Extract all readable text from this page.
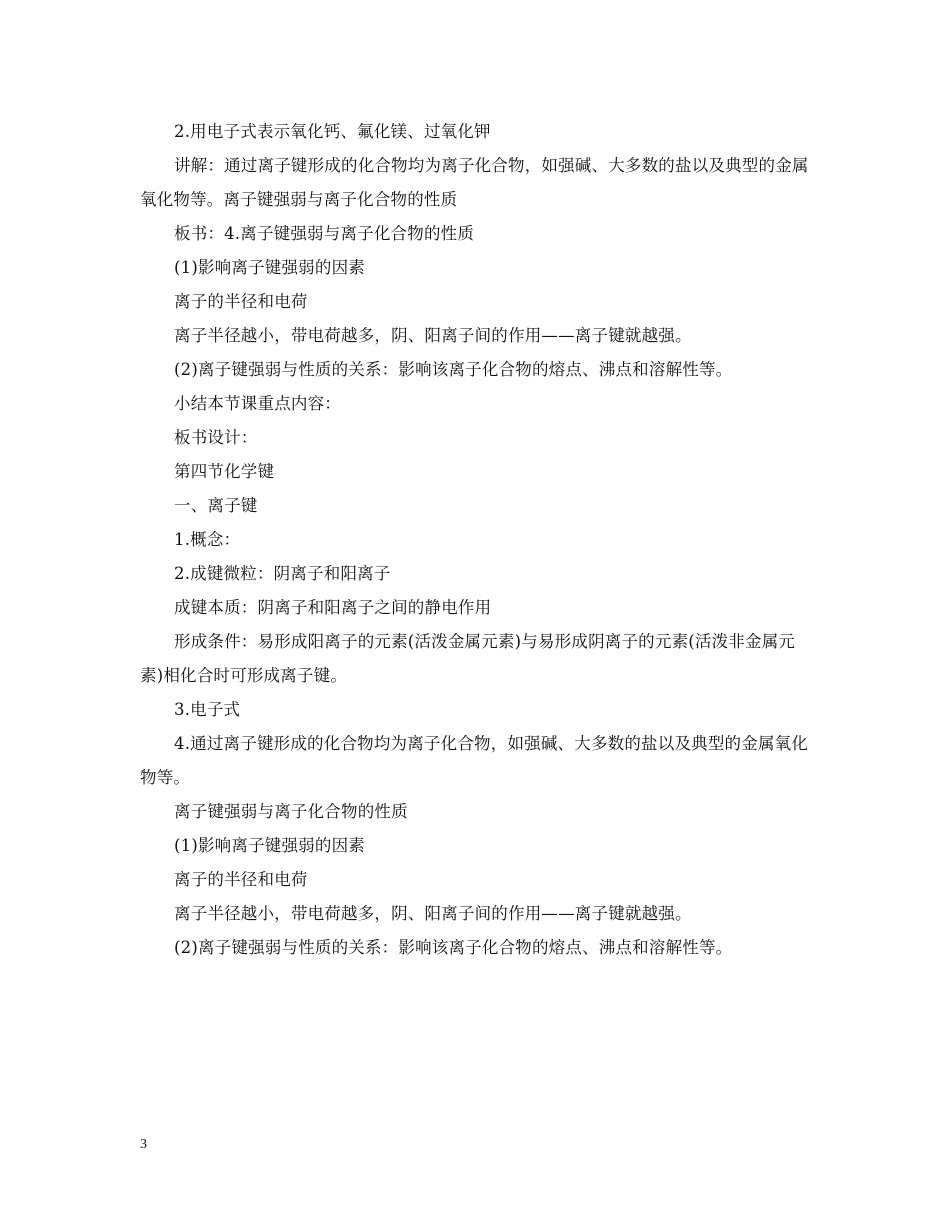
2.用电子式表示氧化钙、氟化镁、过氧化钾

讲解：通过离子键形成的化合物均为离子化合物，如强碱、大多数的盐以及典型的金属氧化物等。离子键强弱与离子化合物的性质

板书：4.离子键强弱与离子化合物的性质

(1)影响离子键强弱的因素

离子的半径和电荷

离子半径越小，带电荷越多，阴、阳离子间的作用——离子键就越强。

(2)离子键强弱与性质的关系：影响该离子化合物的熔点、沸点和溶解性等。

小结本节课重点内容：

板书设计：

第四节化学键

一、离子键

1.概念：

2.成键微粒：阴离子和阳离子

成键本质：阴离子和阳离子之间的静电作用

形成条件：易形成阳离子的元素(活泼金属元素)与易形成阴离子的元素(活泼非金属元素)相化合时可形成离子键。

3.电子式

4.通过离子键形成的化合物均为离子化合物，如强碱、大多数的盐以及典型的金属氧化物等。

离子键强弱与离子化合物的性质

(1)影响离子键强弱的因素

离子的半径和电荷

离子半径越小，带电荷越多，阴、阳离子间的作用——离子键就越强。

(2)离子键强弱与性质的关系：影响该离子化合物的熔点、沸点和溶解性等。

3
